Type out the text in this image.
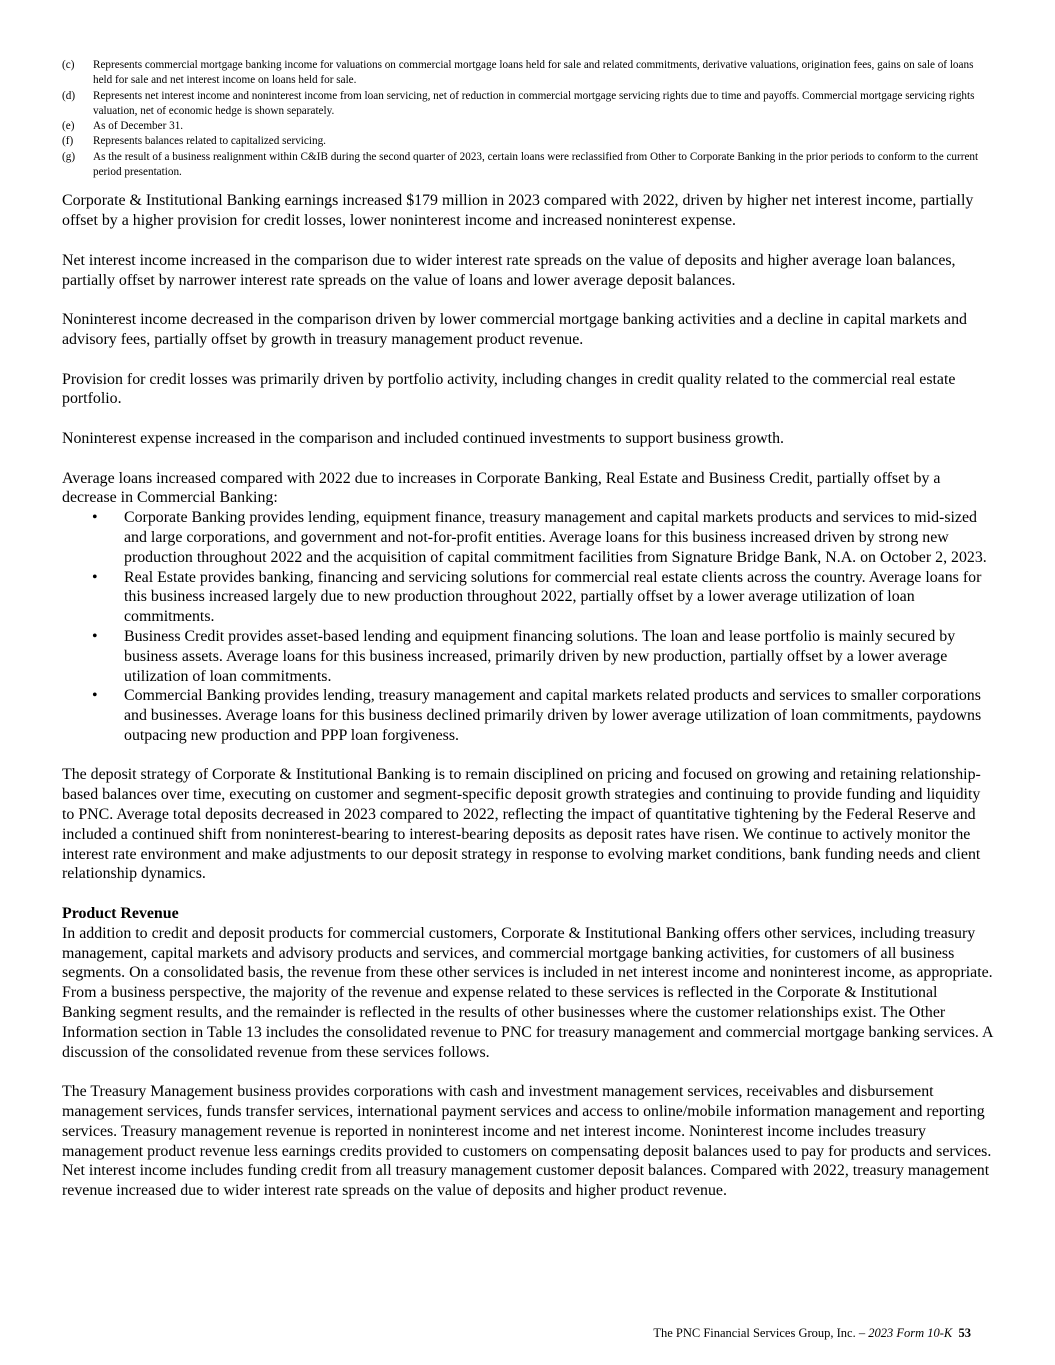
(c)	Represents commercial mortgage banking income for valuations on commercial mortgage loans held for sale and related commitments, derivative valuations, origination fees, gains on sale of loans held for sale and net interest income on loans held for sale.
(d)	Represents net interest income and noninterest income from loan servicing, net of reduction in commercial mortgage servicing rights due to time and payoffs. Commercial mortgage servicing rights valuation, net of economic hedge is shown separately.
(e)	As of December 31.
(f)	Represents balances related to capitalized servicing.
(g)	As the result of a business realignment within C&IB during the second quarter of 2023, certain loans were reclassified from Other to Corporate Banking in the prior periods to conform to the current period presentation.

Corporate & Institutional Banking earnings increased $179 million in 2023 compared with 2022, driven by higher net interest income, partially offset by a higher provision for credit losses, lower noninterest income and increased noninterest expense.

Net interest income increased in the comparison due to wider interest rate spreads on the value of deposits and higher average loan balances, partially offset by narrower interest rate spreads on the value of loans and lower average deposit balances.

Noninterest income decreased in the comparison driven by lower commercial mortgage banking activities and a decline in capital markets and advisory fees, partially offset by growth in treasury management product revenue.

Provision for credit losses was primarily driven by portfolio activity, including changes in credit quality related to the commercial real estate portfolio.

Noninterest expense increased in the comparison and included continued investments to support business growth.

Average loans increased compared with 2022 due to increases in Corporate Banking, Real Estate and Business Credit, partially offset by a decrease in Commercial Banking:

•	Corporate Banking provides lending, equipment finance, treasury management and capital markets products and services to mid-sized and large corporations, and government and not-for-profit entities. Average loans for this business increased driven by strong new production throughout 2022 and the acquisition of capital commitment facilities from Signature Bridge Bank, N.A. on October 2, 2023.
•	Real Estate provides banking, financing and servicing solutions for commercial real estate clients across the country. Average loans for this business increased largely due to new production throughout 2022, partially offset by a lower average utilization of loan commitments.
•	Business Credit provides asset-based lending and equipment financing solutions. The loan and lease portfolio is mainly secured by business assets. Average loans for this business increased, primarily driven by new production, partially offset by a lower average utilization of loan commitments.
•	Commercial Banking provides lending, treasury management and capital markets related products and services to smaller corporations and businesses. Average loans for this business declined primarily driven by lower average utilization of loan commitments, paydowns outpacing new production and PPP loan forgiveness.

The deposit strategy of Corporate & Institutional Banking is to remain disciplined on pricing and focused on growing and retaining relationship-based balances over time, executing on customer and segment-specific deposit growth strategies and continuing to provide funding and liquidity to PNC. Average total deposits decreased in 2023 compared to 2022, reflecting the impact of quantitative tightening by the Federal Reserve and included a continued shift from noninterest-bearing to interest-bearing deposits as deposit rates have risen. We continue to actively monitor the interest rate environment and make adjustments to our deposit strategy in response to evolving market conditions, bank funding needs and client relationship dynamics.

Product Revenue

In addition to credit and deposit products for commercial customers, Corporate & Institutional Banking offers other services, including treasury management, capital markets and advisory products and services, and commercial mortgage banking activities, for customers of all business segments. On a consolidated basis, the revenue from these other services is included in net interest income and noninterest income, as appropriate. From a business perspective, the majority of the revenue and expense related to these services is reflected in the Corporate & Institutional Banking segment results, and the remainder is reflected in the results of other businesses where the customer relationships exist. The Other Information section in Table 13 includes the consolidated revenue to PNC for treasury management and commercial mortgage banking services. A discussion of the consolidated revenue from these services follows.

The Treasury Management business provides corporations with cash and investment management services, receivables and disbursement management services, funds transfer services, international payment services and access to online/mobile information management and reporting services. Treasury management revenue is reported in noninterest income and net interest income. Noninterest income includes treasury management product revenue less earnings credits provided to customers on compensating deposit balances used to pay for products and services. Net interest income includes funding credit from all treasury management customer deposit balances. Compared with 2022, treasury management revenue increased due to wider interest rate spreads on the value of deposits and higher product revenue.

The PNC Financial Services Group, Inc. – 2023 Form 10-K 53
